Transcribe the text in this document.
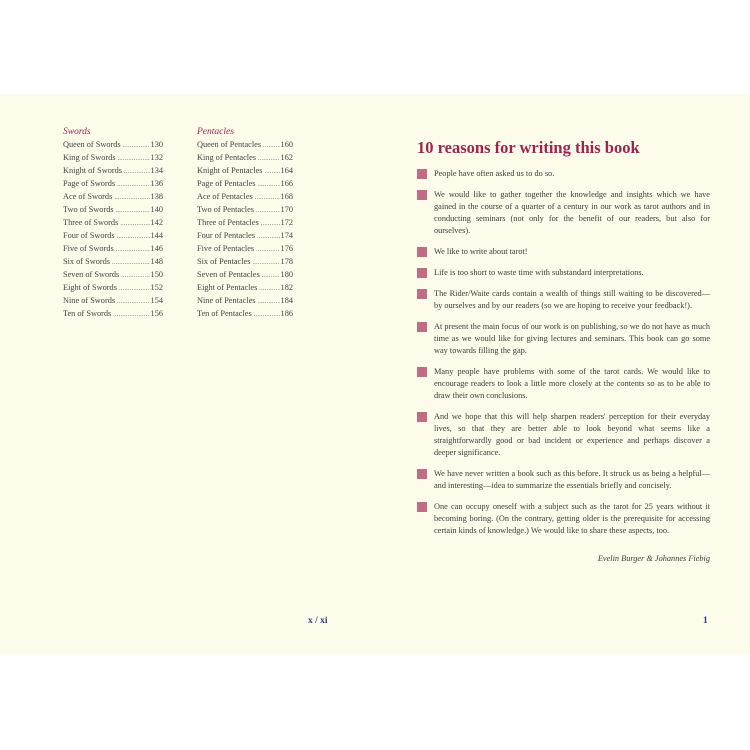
Swords
Queen of Swords .....	130
King of Swords .....	132
Knight of Swords .....	134
Page of Swords .....	136
Ace of Swords .....	138
Two of Swords .....	140
Three of Swords .....	142
Four of Swords .....	144
Five of Swords .....	146
Six of Swords .....	148
Seven of Swords .....	150
Eight of Swords .....	152
Nine of Swords .....	154
Ten of Swords .....	156
Pentacles
Queen of Pentacles ..... 160
King of Pentacles .....	162
Knight of Pentacles ..... 164
Page of Pentacles .....	166
Ace of Pentacles .....	168
Two of Pentacles .....	170
Three of Pentacles .....	172
Four of Pentacles .....	174
Five of Pentacles .....	176
Six of Pentacles .....	178
Seven of Pentacles .....	180
Eight of Pentacles .....	182
Nine of Pentacles .....	184
Ten of Pentacles .....	186
x / xi
10 reasons for writing this book

People have often asked us to do so.

We would like to gather together the knowledge and insights which we have gained in the course of a quarter of a century in our work as tarot authors and in conducting seminars (not only for the benefit of our readers, but also for ourselves).

We like to write about tarot!

Life is too short to waste time with substandard interpretations.

The Rider/Waite cards contain a wealth of things still waiting to be discovered—by ourselves and by our readers (so we are hoping to receive your feedback!).

At present the main focus of our work is on publishing, so we do not have as much time as we would like for giving lectures and seminars. This book can go some way towards filling the gap.

Many people have problems with some of the tarot cards. We would like to encourage readers to look a little more closely at the contents so as to be able to draw their own conclusions.

And we hope that this will help sharpen readers' perception for their everyday lives, so that they are better able to look beyond what seems like a straightforwardly good or bad incident or experience and perhaps discover a deeper significance.

We have never written a book such as this before. It struck us as being a helpful—and interesting—idea to summarize the essentials briefly and concisely.

One can occupy oneself with a subject such as the tarot for 25 years without it becoming boring. (On the contrary, getting older is the prerequisite for accessing certain kinds of knowledge.) We would like to share these aspects, too.

Evelin Burger & Johannes Fiebig

1
